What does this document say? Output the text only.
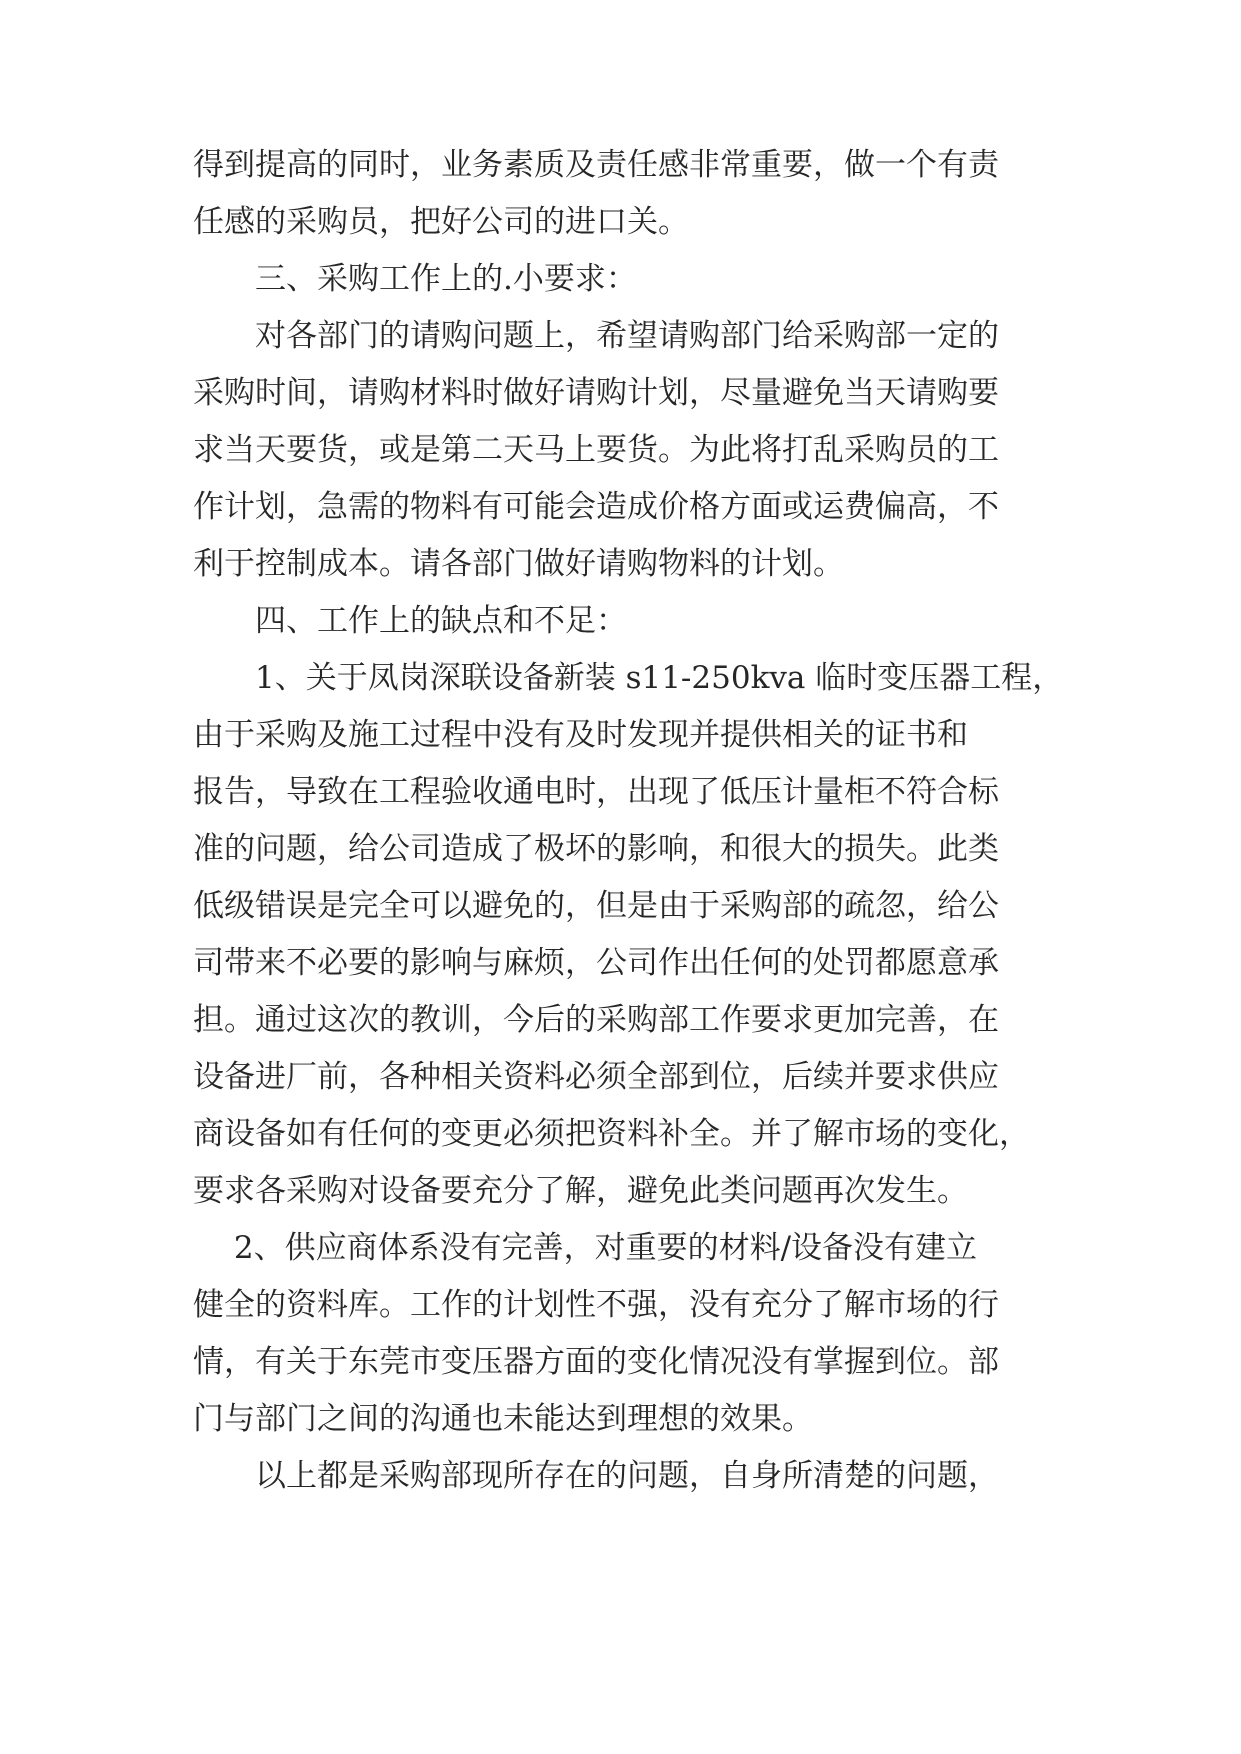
得到提高的同时，业务素质及责任感非常重要，做一个有责

任感的采购员，把好公司的进口关。

　　三、采购工作上的.小要求：

　　对各部门的请购问题上，希望请购部门给采购部一定的

采购时间，请购材料时做好请购计划，尽量避免当天请购要

求当天要货，或是第二天马上要货。为此将打乱采购员的工

作计划，急需的物料有可能会造成价格方面或运费偏高，不

利于控制成本。请各部门做好请购物料的计划。

　　四、工作上的缺点和不足：

　　1、关于凤岗深联设备新装 s11-250kva 临时变压器工程，

由于采购及施工过程中没有及时发现并提供相关的证书和

报告，导致在工程验收通电时，出现了低压计量柜不符合标

准的问题，给公司造成了极坏的影响，和很大的损失。此类

低级错误是完全可以避免的，但是由于采购部的疏忽，给公

司带来不必要的影响与麻烦，公司作出任何的处罚都愿意承

担。通过这次的教训，今后的采购部工作要求更加完善，在

设备进厂前，各种相关资料必须全部到位，后续并要求供应

商设备如有任何的变更必须把资料补全。并了解市场的变化，

要求各采购对设备要充分了解，避免此类问题再次发生。

　 2、供应商体系没有完善，对重要的材料/设备没有建立

健全的资料库。工作的计划性不强，没有充分了解市场的行

情，有关于东莞市变压器方面的变化情况没有掌握到位。部

门与部门之间的沟通也未能达到理想的效果。

　　以上都是采购部现所存在的问题，自身所清楚的问题，
